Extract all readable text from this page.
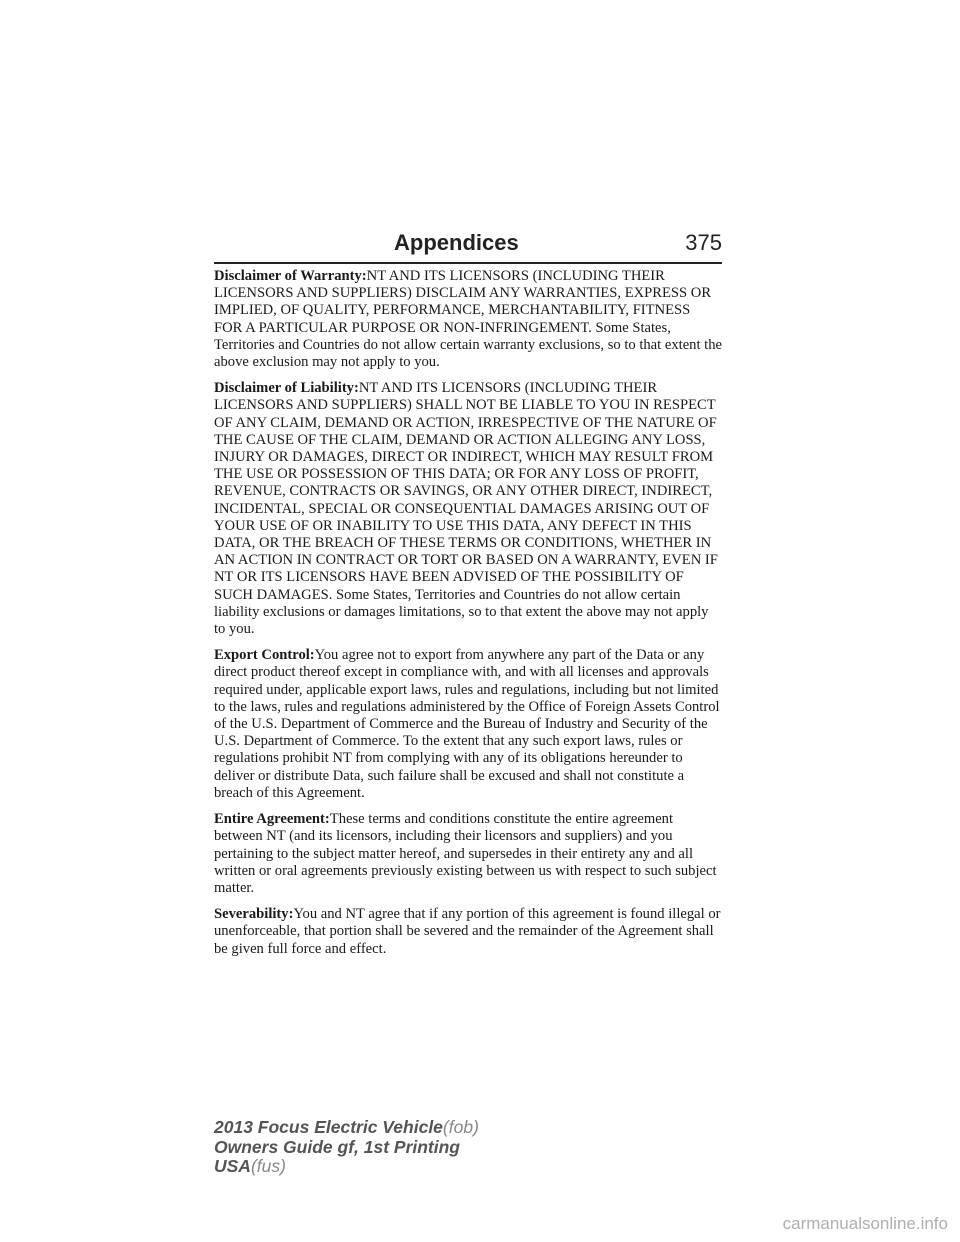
Appendices	375

Disclaimer of Warranty:NT AND ITS LICENSORS (INCLUDING THEIR LICENSORS AND SUPPLIERS) DISCLAIM ANY WARRANTIES, EXPRESS OR IMPLIED, OF QUALITY, PERFORMANCE, MERCHANTABILITY, FITNESS FOR A PARTICULAR PURPOSE OR NON-INFRINGEMENT. Some States, Territories and Countries do not allow certain warranty exclusions, so to that extent the above exclusion may not apply to you.

Disclaimer of Liability:NT AND ITS LICENSORS (INCLUDING THEIR LICENSORS AND SUPPLIERS) SHALL NOT BE LIABLE TO YOU IN RESPECT OF ANY CLAIM, DEMAND OR ACTION, IRRESPECTIVE OF THE NATURE OF THE CAUSE OF THE CLAIM, DEMAND OR ACTION ALLEGING ANY LOSS, INJURY OR DAMAGES, DIRECT OR INDIRECT, WHICH MAY RESULT FROM THE USE OR POSSESSION OF THIS DATA; OR FOR ANY LOSS OF PROFIT, REVENUE, CONTRACTS OR SAVINGS, OR ANY OTHER DIRECT, INDIRECT, INCIDENTAL, SPECIAL OR CONSEQUENTIAL DAMAGES ARISING OUT OF YOUR USE OF OR INABILITY TO USE THIS DATA, ANY DEFECT IN THIS DATA, OR THE BREACH OF THESE TERMS OR CONDITIONS, WHETHER IN AN ACTION IN CONTRACT OR TORT OR BASED ON A WARRANTY, EVEN IF NT OR ITS LICENSORS HAVE BEEN ADVISED OF THE POSSIBILITY OF SUCH DAMAGES. Some States, Territories and Countries do not allow certain liability exclusions or damages limitations, so to that extent the above may not apply to you.

Export Control:You agree not to export from anywhere any part of the Data or any direct product thereof except in compliance with, and with all licenses and approvals required under, applicable export laws, rules and regulations, including but not limited to the laws, rules and regulations administered by the Office of Foreign Assets Control of the U.S. Department of Commerce and the Bureau of Industry and Security of the U.S. Department of Commerce. To the extent that any such export laws, rules or regulations prohibit NT from complying with any of its obligations hereunder to deliver or distribute Data, such failure shall be excused and shall not constitute a breach of this Agreement.

Entire Agreement:These terms and conditions constitute the entire agreement between NT (and its licensors, including their licensors and suppliers) and you pertaining to the subject matter hereof, and supersedes in their entirety any and all written or oral agreements previously existing between us with respect to such subject matter.

Severability:You and NT agree that if any portion of this agreement is found illegal or unenforceable, that portion shall be severed and the remainder of the Agreement shall be given full force and effect.

2013 Focus Electric Vehicle(fob)
Owners Guide gf, 1st Printing
USA(fus)
carmanualsonline.info
